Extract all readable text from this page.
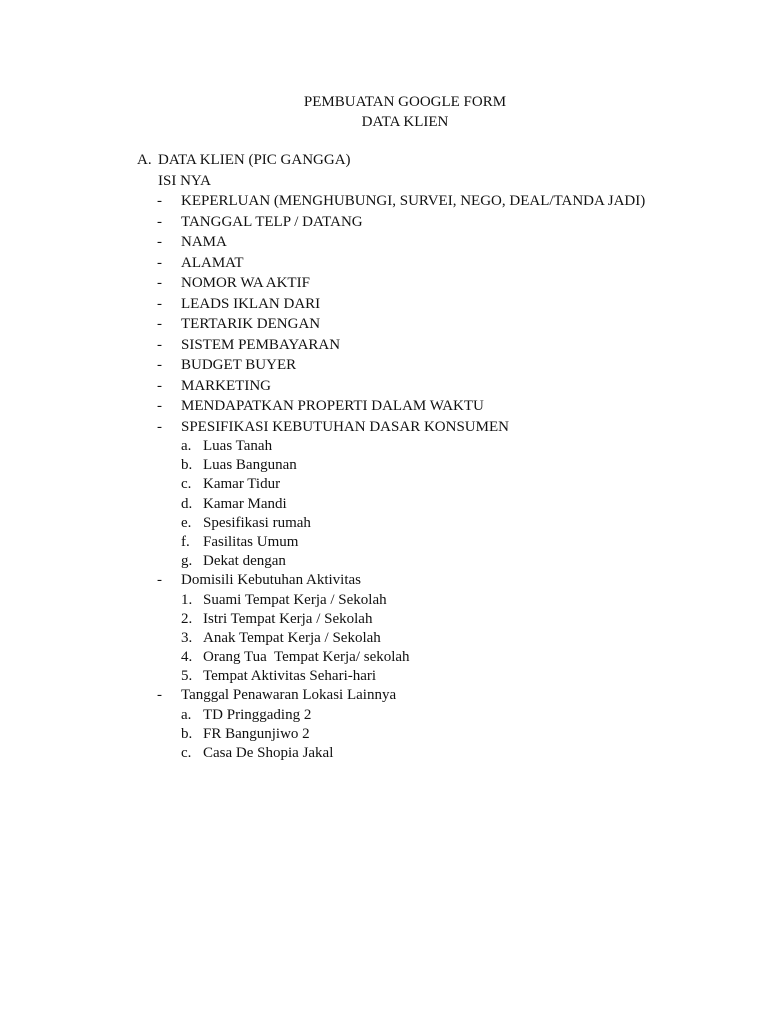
PEMBUATAN GOOGLE FORM
DATA KLIEN
A. DATA KLIEN (PIC GANGGA)
ISI NYA
- KEPERLUAN (MENGHUBUNGI, SURVEI, NEGO, DEAL/TANDA JADI)
- TANGGAL TELP / DATANG
- NAMA
- ALAMAT
- NOMOR WA AKTIF
- LEADS IKLAN DARI
- TERTARIK DENGAN
- SISTEM PEMBAYARAN
- BUDGET BUYER
- MARKETING
- MENDAPATKAN PROPERTI DALAM WAKTU
- SPESIFIKASI KEBUTUHAN DASAR KONSUMEN
a. Luas Tanah
b. Luas Bangunan
c. Kamar Tidur
d. Kamar Mandi
e. Spesifikasi rumah
f. Fasilitas Umum
g. Dekat dengan
- Domisili Kebutuhan Aktivitas
1. Suami Tempat Kerja / Sekolah
2. Istri Tempat Kerja / Sekolah
3. Anak Tempat Kerja / Sekolah
4. Orang Tua  Tempat Kerja/ sekolah
5. Tempat Aktivitas Sehari-hari
- Tanggal Penawaran Lokasi Lainnya
a. TD Pringgading 2
b. FR Bangunjiwo 2
c. Casa De Shopia Jakal
